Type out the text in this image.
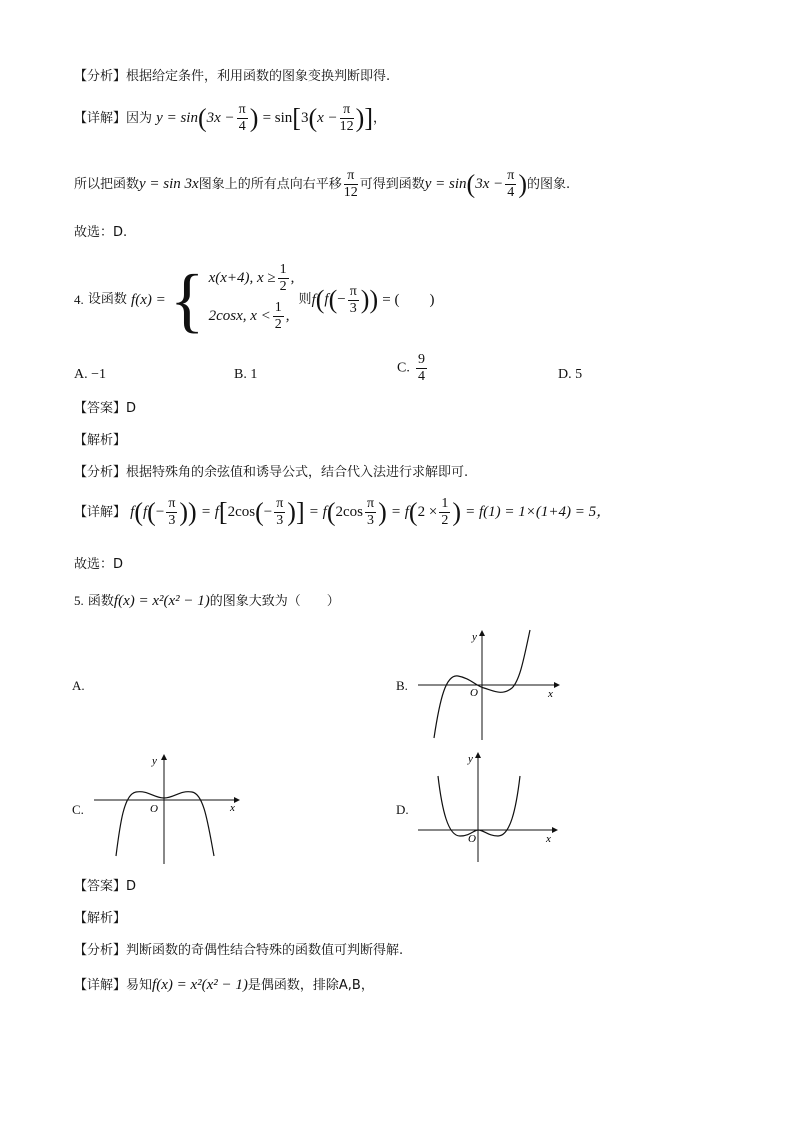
【分析】根据给定条件，利用函数的图象变换判断即得.
【详解】因为 $y = \sin(3x - \frac{\pi}{4}$ ) = $\sin[3(x - \frac{\pi}{12}$ )]，
所以把函数y = sin 3x图象上的所有点向右平移 $\frac{\pi}{12}$ 可得到函数$y = \sin(3x - \frac{\pi}{4}$ )的图象.
故选：D.
4. 设函数 f(x) = { x(x+4), $x \ge \frac{1}{2}$ ,
2cosx, $x < \frac{1}{2}$ ,
则$f(f(- \frac{\pi}{3}$ )) = (　　)
A. −1	B. 1	C. $\frac{9}{4}$	D. 5
【答案】D
【解析】
【分析】根据特殊角的余弦值和诱导公式，结合代入法进行求解即可.
【详解】 $f(f(- \frac{\pi}{3}$ )) = $f[2\cos(- \frac{\pi}{3}$ )] = $f(2\cos \frac{\pi}{3}$ ) = $f(2 \times \frac{1}{2}$ ) = f(1) = 1×(1+4) = 5，
故选：D
5. 函数f(x) = x²(x² − 1)的图象大致为（　　）
A.	B.
C.	D.
x
y
O
x
y
O
x
y
O
【答案】D
【解析】
【分析】判断函数的奇偶性结合特殊的函数值可判断得解.
【详解】易知f(x) = x²(x² − 1)是偶函数，排除A,B，
